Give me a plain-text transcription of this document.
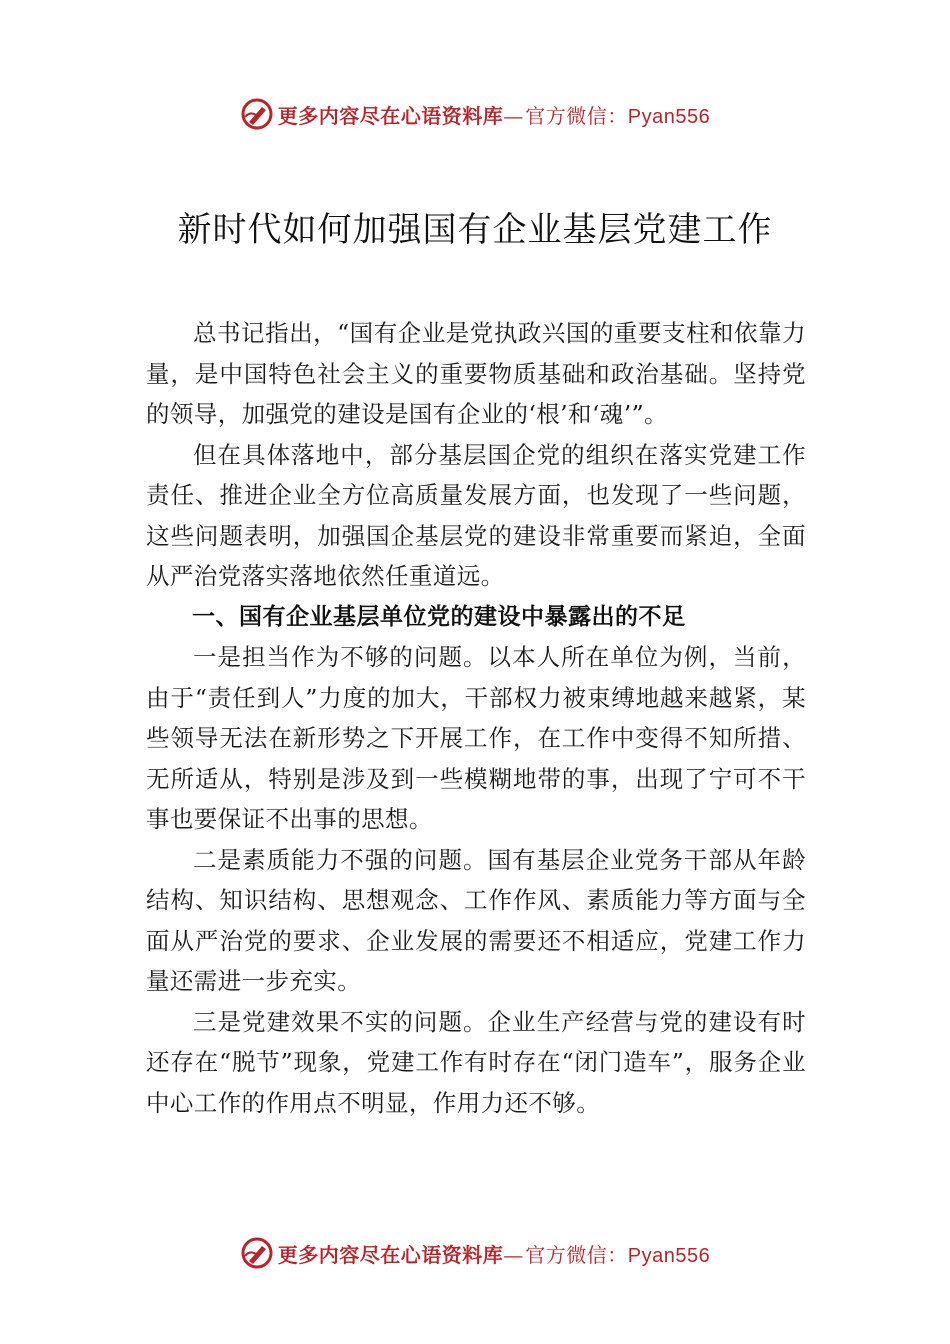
更多内容尽在心语资料库—官方微信：Pyan556
新时代如何加强国有企业基层党建工作

总书记指出，“国有企业是党执政兴国的重要支柱和依靠力量，是中国特色社会主义的重要物质基础和政治基础。坚持党的领导，加强党的建设是国有企业的‘根’和‘魂’”。

但在具体落地中，部分基层国企党的组织在落实党建工作责任、推进企业全方位高质量发展方面，也发现了一些问题，这些问题表明，加强国企基层党的建设非常重要而紧迫，全面从严治党落实落地依然任重道远。

一、国有企业基层单位党的建设中暴露出的不足

一是担当作为不够的问题。以本人所在单位为例，当前，由于“责任到人”力度的加大，干部权力被束缚地越来越紧，某些领导无法在新形势之下开展工作，在工作中变得不知所措、无所适从，特别是涉及到一些模糊地带的事，出现了宁可不干事也要保证不出事的思想。

二是素质能力不强的问题。国有基层企业党务干部从年龄结构、知识结构、思想观念、工作作风、素质能力等方面与全面从严治党的要求、企业发展的需要还不相适应，党建工作力量还需进一步充实。

三是党建效果不实的问题。企业生产经营与党的建设有时还存在“脱节”现象，党建工作有时存在“闭门造车”，服务企业中心工作的作用点不明显，作用力还不够。

更多内容尽在心语资料库—官方微信：Pyan556
